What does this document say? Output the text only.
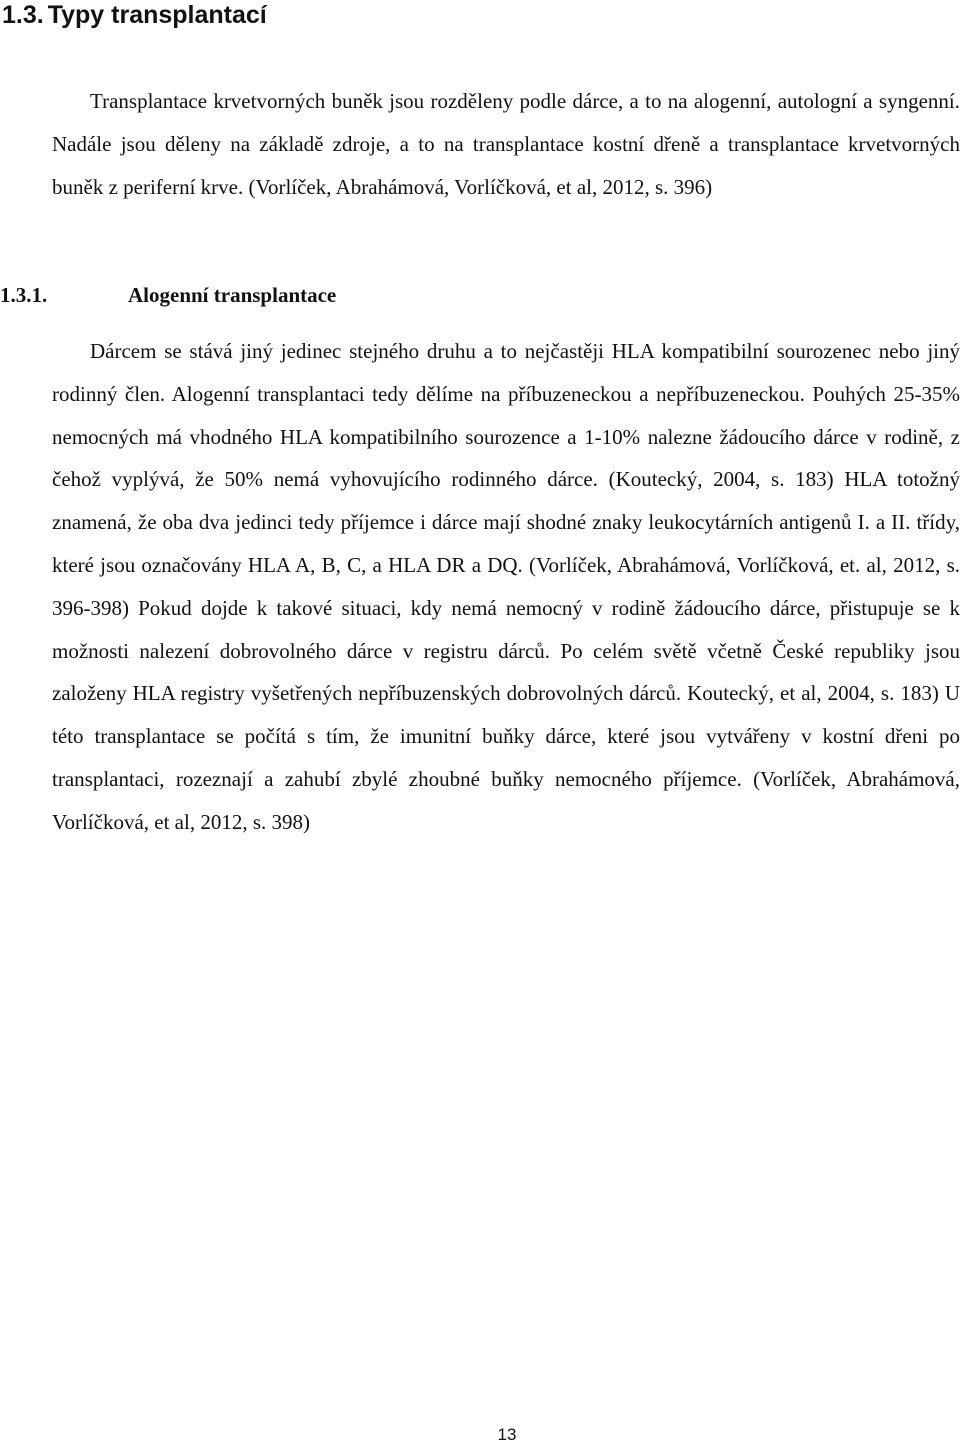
1.3. Typy transplantací

Transplantace krvetvorných buněk jsou rozděleny podle dárce, a to na alogenní, autologní a syngenní. Nadále jsou děleny na základě zdroje, a to na transplantace kostní dřeně a transplantace krvetvorných buněk z periferní krve. (Vorlíček, Abrahámová, Vorlíčková, et al, 2012, s. 396)

1.3.1.	Alogenní transplantace

Dárcem se stává jiný jedinec stejného druhu a to nejčastěji HLA kompatibilní sourozenec nebo jiný rodinný člen. Alogenní transplantaci tedy dělíme na příbuzeneckou a nepříbuzeneckou. Pouhých 25-35% nemocných má vhodného HLA kompatibilního sourozence a 1-10% nalezne žádoucího dárce v rodině, z čehož vyplývá, že 50% nemá vyhovujícího rodinného dárce. (Koutecký, 2004, s. 183) HLA totožný znamená, že oba dva jedinci tedy příjemce i dárce mají shodné znaky leukocytárních antigenů I. a II. třídy, které jsou označovány HLA A, B, C, a HLA DR a DQ. (Vorlíček, Abrahámová, Vorlíčková, et. al, 2012, s. 396-398) Pokud dojde k takové situaci, kdy nemá nemocný v rodině žádoucího dárce, přistupuje se k možnosti nalezení dobrovolného dárce v registru dárců. Po celém světě včetně České republiky jsou založeny HLA registry vyšetřených nepříbuzenských dobrovolných dárců. Koutecký, et al, 2004, s. 183) U této transplantace se počítá s tím, že imunitní buňky dárce, které jsou vytvářeny v kostní dřeni po transplantaci, rozeznají a zahubí zbylé zhoubné buňky nemocného příjemce. (Vorlíček, Abrahámová, Vorlíčková, et al, 2012, s. 398)

13
